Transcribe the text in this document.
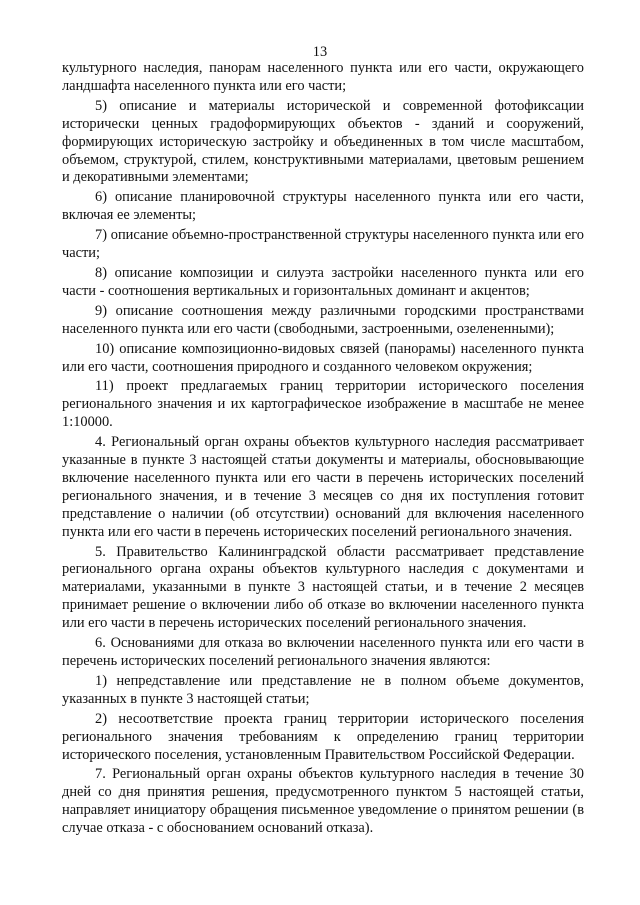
13

культурного наследия, панорам населенного пункта или его части, окружающего ландшафта населенного пункта или его части;

5) описание и материалы исторической и современной фотофиксации исторически ценных градоформирующих объектов - зданий и сооружений, формирующих историческую застройку и объединенных в том числе масштабом, объемом, структурой, стилем, конструктивными материалами, цветовым решением и декоративными элементами;

6) описание планировочной структуры населенного пункта или его части, включая ее элементы;

7) описание объемно-пространственной структуры населенного пункта или его части;

8) описание композиции и силуэта застройки населенного пункта или его части - соотношения вертикальных и горизонтальных доминант и акцентов;

9) описание соотношения между различными городскими пространствами населенного пункта или его части (свободными, застроенными, озелененными);

10) описание композиционно-видовых связей (панорамы) населенного пункта или его части, соотношения природного и созданного человеком окружения;

11) проект предлагаемых границ территории исторического поселения регионального значения и их картографическое изображение в масштабе не менее 1:10000.

4. Региональный орган охраны объектов культурного наследия рассматривает указанные в пункте 3 настоящей статьи документы и материалы, обосновывающие включение населенного пункта или его части в перечень исторических поселений регионального значения, и в течение 3 месяцев со дня их поступления готовит представление о наличии (об отсутствии) оснований для включения населенного пункта или его части в перечень исторических поселений регионального значения.

5. Правительство Калининградской области рассматривает представление регионального органа охраны объектов культурного наследия с документами и материалами, указанными в пункте 3 настоящей статьи, и в течение 2 месяцев принимает решение о включении либо об отказе во включении населенного пункта или его части в перечень исторических поселений регионального значения.

6. Основаниями для отказа во включении населенного пункта или его части в перечень исторических поселений регионального значения являются:

1) непредставление или представление не в полном объеме документов, указанных в пункте 3 настоящей статьи;

2) несоответствие проекта границ территории исторического поселения регионального значения требованиям к определению границ территории исторического поселения, установленным Правительством Российской Федерации.

7. Региональный орган охраны объектов культурного наследия в течение 30 дней со дня принятия решения, предусмотренного пунктом 5 настоящей статьи, направляет инициатору обращения письменное уведомление о принятом решении (в случае отказа - с обоснованием оснований отказа).
